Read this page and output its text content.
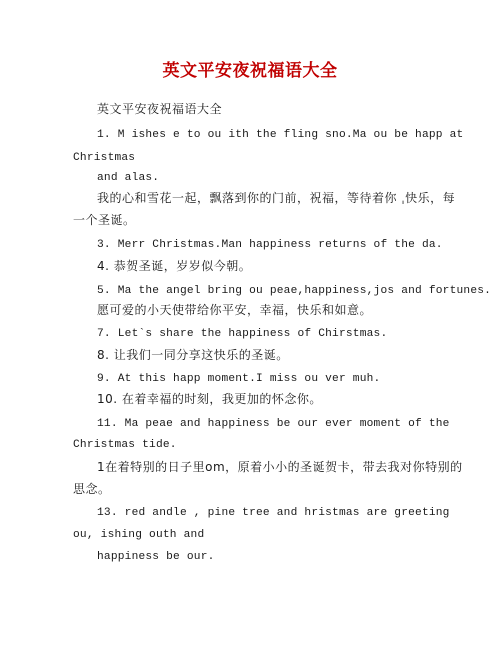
英文平安夜祝福语大全
英文平安夜祝福语大全
1. M ishes e to ou ith the fling sno.Ma ou be happ at
Christmas
and alas.
我的心和雪花一起，飘落到你的门前，祝福，等待着你 ˌ快乐，每
一个圣诞。
3. Merr Christmas.Man happiness returns of the da.
4. 恭贺圣诞，岁岁似今朝。
5. Ma the angel bring ou peae,happiness,jos and fortunes.
愿可爱的小天使带给你平安，幸福，快乐和如意。
7. Let`s share the happiness of Chirstmas.
8. 让我们一同分享这快乐的圣诞。
9. At this happ moment.I miss ou ver muh.
10. 在着幸福的时刻，我更加的怀念你。
11. Ma peae and happiness be our ever moment of the
Christmas tide.
1在着特别的日子里om，原着小小的圣诞贺卡，带去我对你特别的
思念。
13. red andle , pine tree and hristmas are greeting
ou, ishing outh and
happiness be our.
